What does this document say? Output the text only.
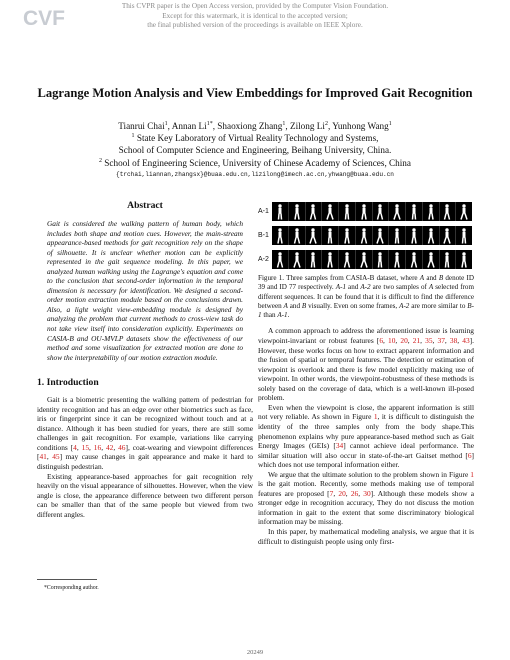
CVF
This CVPR paper is the Open Access version, provided by the Computer Vision Foundation.
Except for this watermark, it is identical to the accepted version;
the final published version of the proceedings is available on IEEE Xplore.
Lagrange Motion Analysis and View Embeddings for Improved Gait Recognition
Tianrui Chai$^1$, Annan $Li^{1*}$, Shaoxiong Zhang$^1$, Zilong Li$^2$, Yunhong Wang$^1$
$^1$ State Key Laboratory of Virtual Reality Technology and Systems,
School of Computer Science and Engineering, Beihang University, China.
$^2$ School of Engineering Science, University of Chinese Academy of Sciences, China
{trchai,liannan,zhangsx}@buaa.edu.cn,lizilong@imech.ac.cn,yhwang@buaa.edu.cn
Abstract
Gait is considered the walking pattern of human body, which includes both shape and motion cues. However, the main-stream appearance-based methods for gait recognition rely on the shape of silhouette. It is unclear whether motion can be explicitly represented in the gait sequence modeling. In this paper, we analyzed human walking using the Lagrange's equation and come to the conclusion that second-order information in the temporal dimension is necessary for identification. We designed a second-order motion extraction module based on the conclusions drawn. Also, a light weight view-embedding module is designed by analyzing the problem that current methods to cross-view task do not take view itself into consideration explicitly. Experiments on CASIA-B and OU-MVLP datasets show the effectiveness of our method and some visualization for extracted motion are done to show the interpretability of our motion extraction module.
1. Introduction
Gait is a biometric presenting the walking pattern of pedestrian for identity recognition and has an edge over other biometrics such as face, iris or fingerprint since it can be recognized without touch and at a distance. Although it has been studied for years, there are still some challenges in gait recognition. For example, variations like carrying conditions [4, 15, 16, 42, 46], coat-wearing and viewpoint differences [41, 45] may cause changes in gait appearance and make it hard to distinguish pedestrian.
Existing appearance-based approaches for gait recognition rely heavily on the visual appearance of silhouettes. However, when the view angle is close, the appearance difference between two different person can be smaller than that of the same people but viewed from two different angles.
*Corresponding author.
A-1
B-1
A-2
Figure 1. Three samples from CASIA-B dataset, where A and B denote ID 39 and ID 77 respectively. A-1 and A-2 are two samples of A selected from different sequences. It can be found that it is difficult to find the difference between A and B visually. Even on some frames, A-2 are more similar to B-1 than A-1.
A common approach to address the aforementioned issue is learning viewpoint-invariant or robust features [6, 10, 20, 21, 35, 37, 38, 43]. However, these works focus on how to extract apparent information and the fusion of spatial or temporal features. The detection or estimation of viewpoint is overlook and there is few model explicitly making use of viewpoint. In other words, the viewpoint-robustness of these methods is solely based on the coverage of data, which is a well-known ill-posed problem.
Even when the viewpoint is close, the apparent information is still not very reliable. As shown in Figure 1, it is difficult to distinguish the identity of the three samples only from the body shape.This phenomenon explains why pure appearance-based method such as Gait Energy Images (GEIs) [34] cannot achieve ideal performance. The similar situation will also occur in state-of-the-art Gaitset method [6] which does not use temporal information either.
We argue that the ultimate solution to the problem shown in Figure 1 is the gait motion. Recently, some methods making use of temporal features are proposed [7, 20, 26, 30]. Although these models show a stronger edge in recognition accuracy, They do not discuss the motion information in gait to the extent that some discriminatory biological information may be missing.
In this paper, by mathematical modeling analysis, we argue that it is difficult to distinguish people using only first-
20249
